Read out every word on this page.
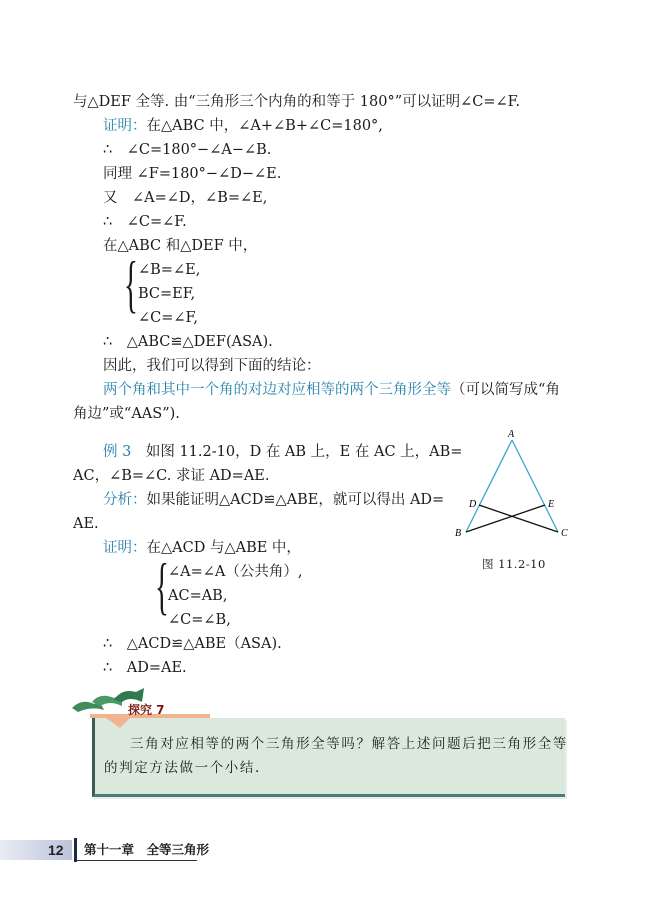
与△DEF 全等. 由“三角形三个内角的和等于 180°”可以证明∠C=∠F.
证明：在△ABC 中，∠A+∠B+∠C=180°,
∴　∠C=180°−∠A−∠B.
同理 ∠F=180°−∠D−∠E.
又　∠A=∠D，∠B=∠E,
∴　∠C=∠F.
在△ABC 和△DEF 中，
{ ∠B=∠E,
BC=EF,
∠C=∠F,
∴　△ABC≌△DEF(ASA).
因此，我们可以得到下面的结论：
两个角和其中一个角的对边对应相等的两个三角形全等（可以简写成“角
角边”或“AAS”).
例 3　 如图 11.2-10，D 在 AB 上，E 在 AC 上，AB=
AC，∠B=∠C. 求证 AD=AE.
分析：如果能证明△ACD≌△ABE，就可以得出 AD=
AE.
证明：在△ACD 与△ABE 中，
{ ∠A=∠A（公共角）,
AC=AB,
∠C=∠B,
∴　△ACD≌△ABE（ASA).
∴　AD=AE.
A
B	C
D	E
图 11.2-10
探究 7
三角对应相等的两个三角形全等吗？解答上述问题后把三角形全等
的判定方法做一个小结.
12 第十一章　全等三角形
